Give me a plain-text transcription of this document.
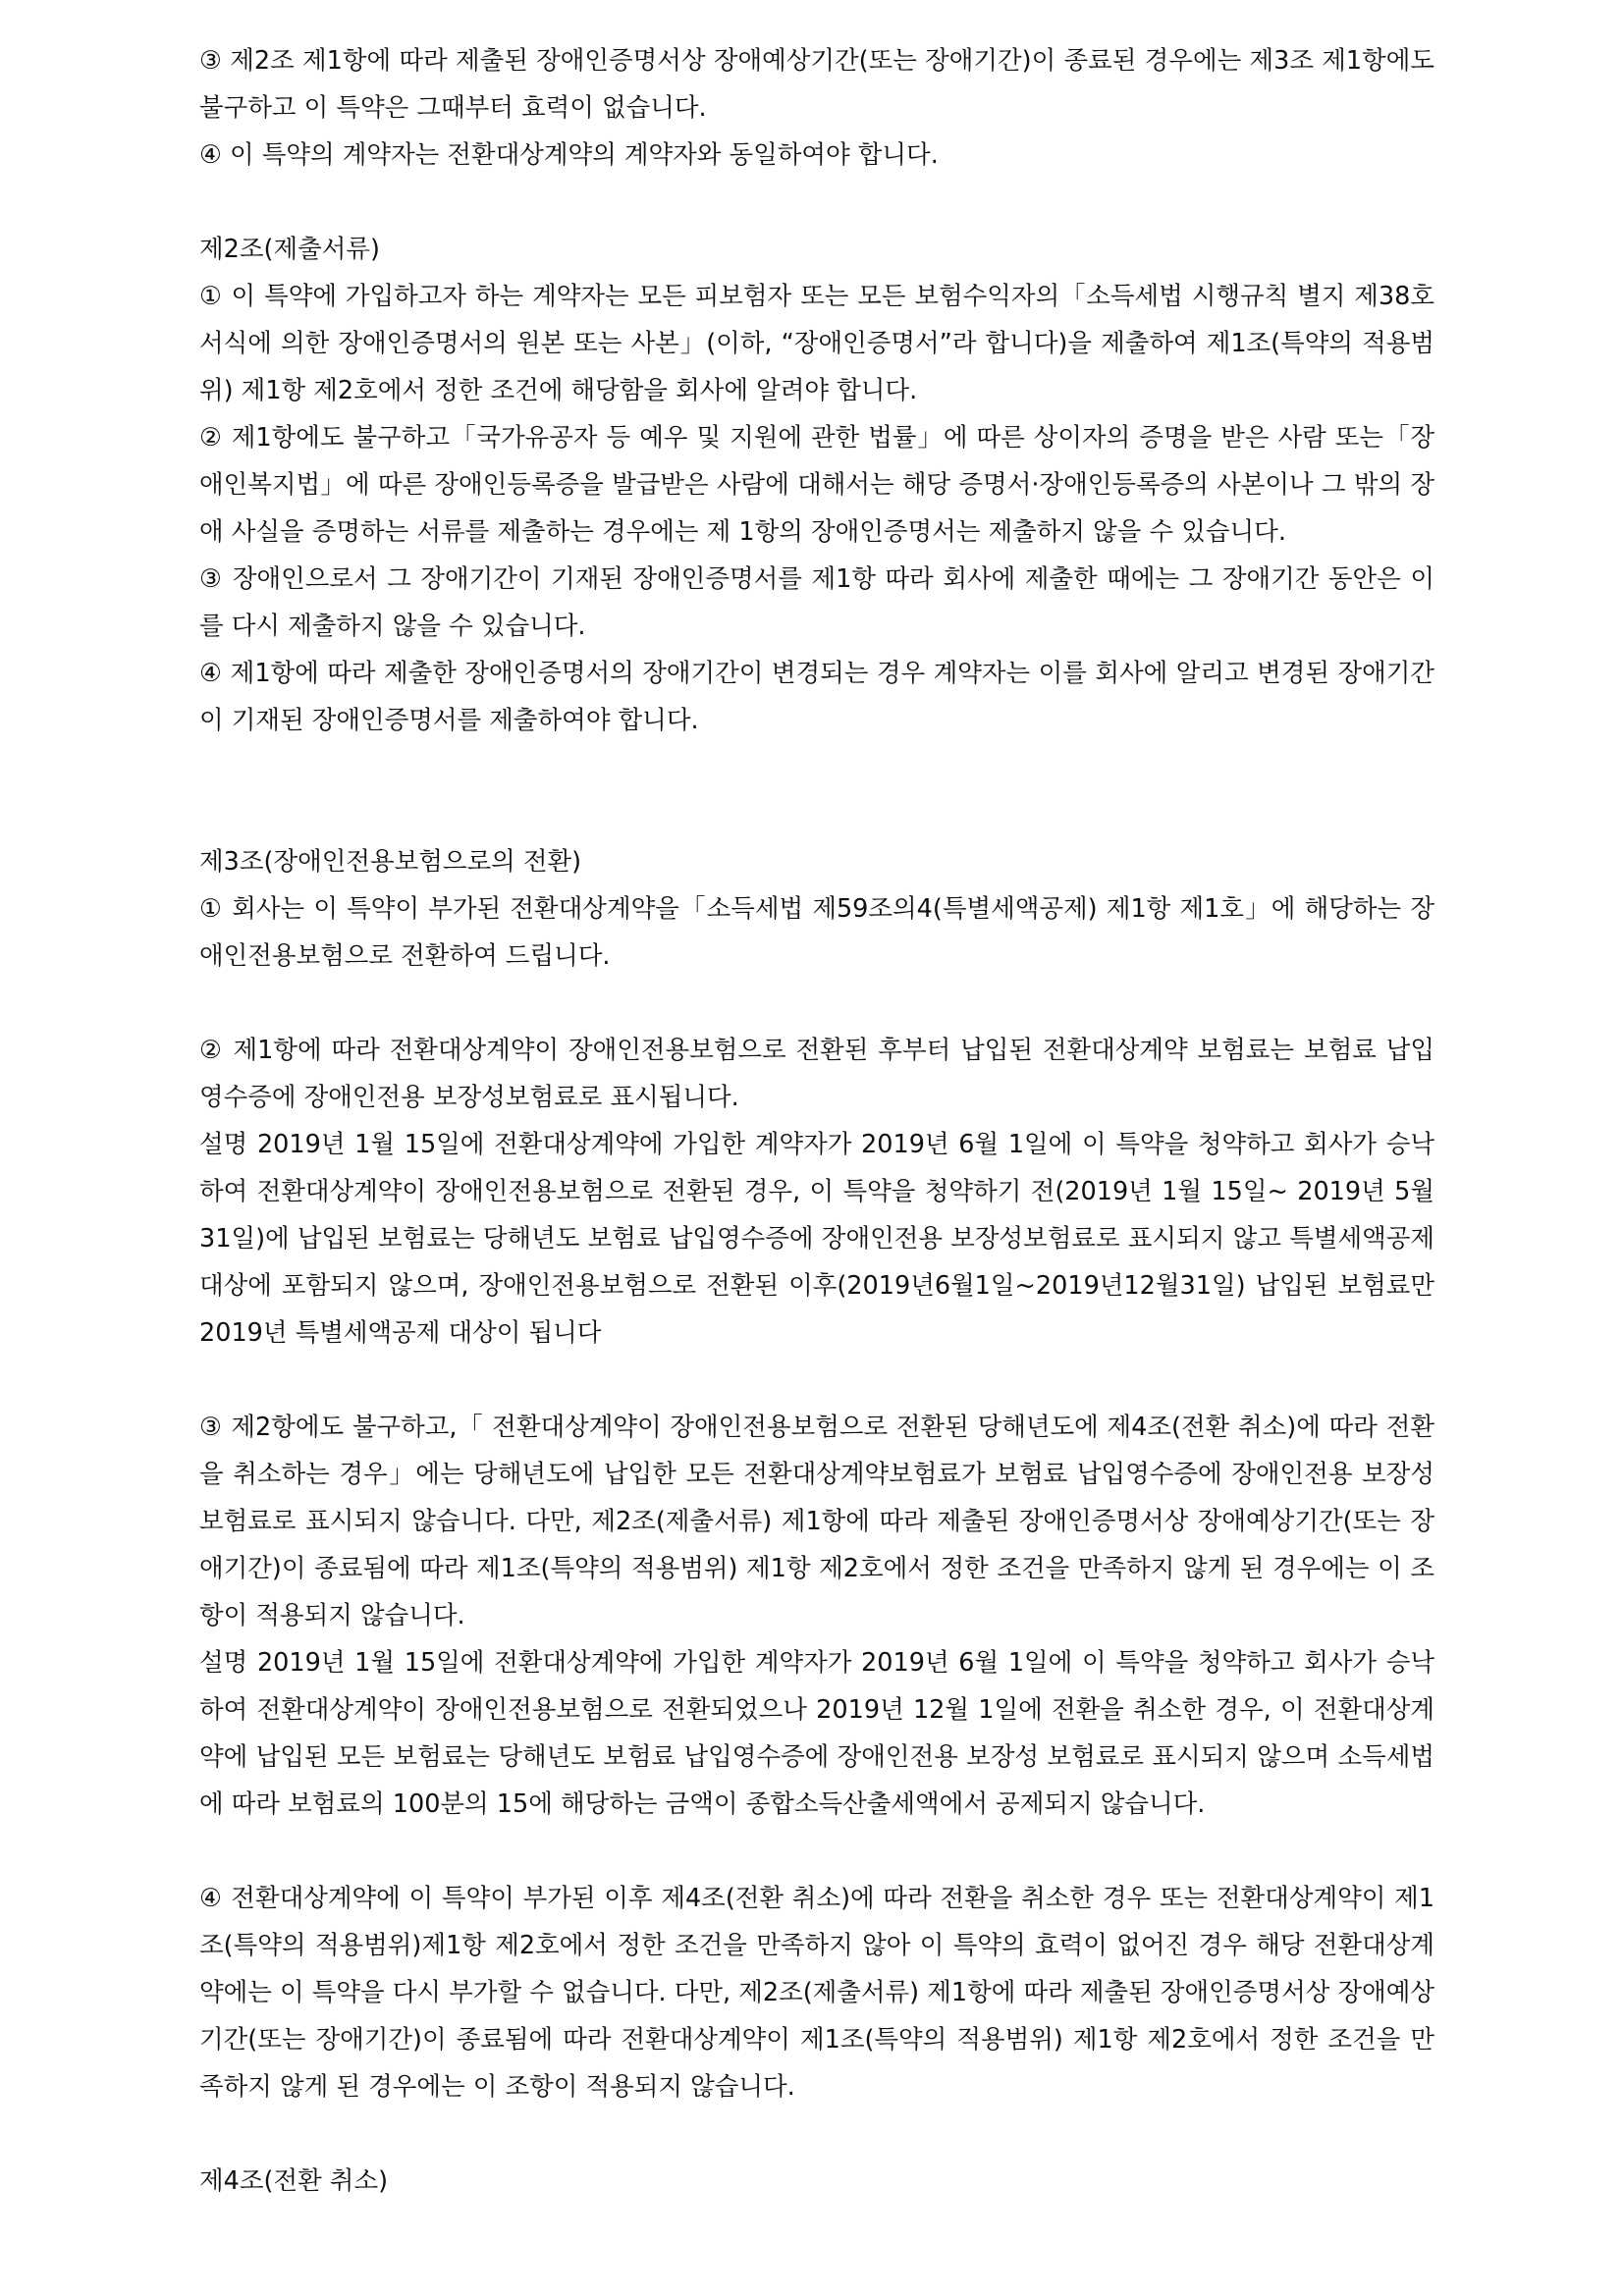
③ 제2조 제1항에 따라 제출된 장애인증명서상 장애예상기간(또는 장애기간)이 종료된 경우에는 제3조 제1항에도 불구하고 이 특약은 그때부터 효력이 없습니다.

④ 이 특약의 계약자는 전환대상계약의 계약자와 동일하여야 합니다.

제2조(제출서류)

① 이 특약에 가입하고자 하는 계약자는 모든 피보험자 또는 모든 보험수익자의「소득세법 시행규칙 별지 제38호 서식에 의한 장애인증명서의 원본 또는 사본」(이하, “장애인증명서”라 합니다)을 제출하여 제1조(특약의 적용범위) 제1항 제2호에서 정한 조건에 해당함을 회사에 알려야 합니다.

② 제1항에도 불구하고「국가유공자 등 예우 및 지원에 관한 법률」에 따른 상이자의 증명을 받은 사람 또는「장애인복지법」에 따른 장애인등록증을 발급받은 사람에 대해서는 해당 증명서·장애인등록증의 사본이나 그 밖의 장애 사실을 증명하는 서류를 제출하는 경우에는 제 1항의 장애인증명서는 제출하지 않을 수 있습니다.

③ 장애인으로서 그 장애기간이 기재된 장애인증명서를 제1항 따라 회사에 제출한 때에는 그 장애기간 동안은 이를 다시 제출하지 않을 수 있습니다.

④ 제1항에 따라 제출한 장애인증명서의 장애기간이 변경되는 경우 계약자는 이를 회사에 알리고 변경된 장애기간이 기재된 장애인증명서를 제출하여야 합니다.

제3조(장애인전용보험으로의 전환)

① 회사는 이 특약이 부가된 전환대상계약을「소득세법 제59조의4(특별세액공제) 제1항 제1호」에 해당하는 장애인전용보험으로 전환하여 드립니다.

② 제1항에 따라 전환대상계약이 장애인전용보험으로 전환된 후부터 납입된 전환대상계약 보험료는 보험료 납입영수증에 장애인전용 보장성보험료로 표시됩니다.

설명 2019년 1월 15일에 전환대상계약에 가입한 계약자가 2019년 6월 1일에 이 특약을 청약하고 회사가 승낙하여 전환대상계약이 장애인전용보험으로 전환된 경우, 이 특약을 청약하기 전(2019년 1월 15일~ 2019년 5월 31일)에 납입된 보험료는 당해년도 보험료 납입영수증에 장애인전용 보장성보험료로 표시되지 않고 특별세액공제 대상에 포함되지 않으며, 장애인전용보험으로 전환된 이후(2019년6월1일~2019년12월31일) 납입된 보험료만 2019년 특별세액공제 대상이 됩니다

③ 제2항에도 불구하고,「 전환대상계약이 장애인전용보험으로 전환된 당해년도에 제4조(전환 취소)에 따라 전환을 취소하는 경우」에는 당해년도에 납입한 모든 전환대상계약보험료가 보험료 납입영수증에 장애인전용 보장성보험료로 표시되지 않습니다. 다만, 제2조(제출서류) 제1항에 따라 제출된 장애인증명서상 장애예상기간(또는 장애기간)이 종료됨에 따라 제1조(특약의 적용범위) 제1항 제2호에서 정한 조건을 만족하지 않게 된 경우에는 이 조항이 적용되지 않습니다.

설명 2019년 1월 15일에 전환대상계약에 가입한 계약자가 2019년 6월 1일에 이 특약을 청약하고 회사가 승낙하여 전환대상계약이 장애인전용보험으로 전환되었으나 2019년 12월 1일에 전환을 취소한 경우, 이 전환대상계약에 납입된 모든 보험료는 당해년도 보험료 납입영수증에 장애인전용 보장성 보험료로 표시되지 않으며 소득세법에 따라 보험료의 100분의 15에 해당하는 금액이 종합소득산출세액에서 공제되지 않습니다.

④ 전환대상계약에 이 특약이 부가된 이후 제4조(전환 취소)에 따라 전환을 취소한 경우 또는 전환대상계약이 제1조(특약의 적용범위)제1항 제2호에서 정한 조건을 만족하지 않아 이 특약의 효력이 없어진 경우 해당 전환대상계약에는 이 특약을 다시 부가할 수 없습니다. 다만, 제2조(제출서류) 제1항에 따라 제출된 장애인증명서상 장애예상기간(또는 장애기간)이 종료됨에 따라 전환대상계약이 제1조(특약의 적용범위) 제1항 제2호에서 정한 조건을 만족하지 않게 된 경우에는 이 조항이 적용되지 않습니다.

제4조(전환 취소)
